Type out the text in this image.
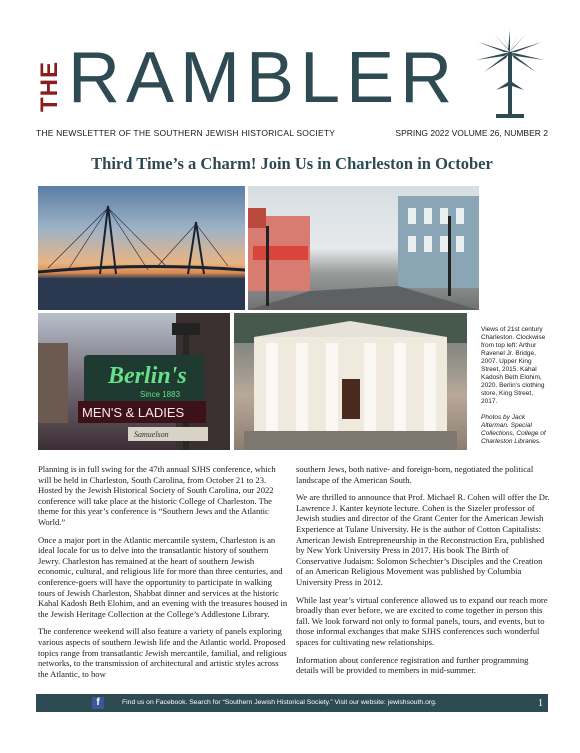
THE RAMBLER
THE NEWSLETTER OF THE SOUTHERN JEWISH HISTORICAL SOCIETY	SPRING 2022 VOLUME 26, NUMBER 2
Third Time’s a Charm! Join Us in Charleston in October
Berlin's
Since 1883
MEN'S & LADIES
Samuelson
Views of 21st century Charleston. Clockwise from top left: Arthur Ravenel Jr. Bridge, 2007. Upper King Street, 2015. Kahal Kadosh Beth Elohim, 2020. Berlin’s clothing store, King Street, 2017.
Photos by Jack Alterman. Special Collections, College of Charleston Libraries.

Planning is in full swing for the 47th annual SJHS conference, which will be held in Charleston, South Carolina, from October 21 to 23. Hosted by the Jewish Historical Society of South Carolina, our 2022 conference will take place at the historic College of Charleston. The theme for this year’s conference is “Southern Jews and the Atlantic World.”

Once a major port in the Atlantic mercantile system, Charleston is an ideal locale for us to delve into the transatlantic history of southern Jewry. Charleston has remained at the heart of southern Jewish economic, cultural, and religious life for more than three centuries, and conference-goers will have the opportunity to participate in walking tours of Jewish Charleston, Shabbat dinner and services at the historic Kahal Kadosh Beth Elohim, and an evening with the treasures housed in the Jewish Heritage Collection at the College’s Addlestone Library.

The conference weekend will also feature a variety of panels exploring various aspects of southern Jewish life and the Atlantic world. Proposed topics range from transatlantic Jewish mercantile, familial, and religious networks, to the transmission of architectural and artistic styles across the Atlantic, to how

southern Jews, both native- and foreign-born, negotiated the political landscape of the American South.

We are thrilled to announce that Prof. Michael R. Cohen will offer the Dr. Lawrence J. Kanter keynote lecture. Cohen is the Sizeler professor of Jewish studies and director of the Grant Center for the American Jewish Experience at Tulane University. He is the author of Cotton Capitalists: American Jewish Entrepreneurship in the Reconstruction Era, published by New York University Press in 2017. His book The Birth of Conservative Judaism: Solomon Schechter’s Disciples and the Creation of an American Religious Movement was published by Columbia University Press in 2012.

While last year’s virtual conference allowed us to expand our reach more broadly than ever before, we are excited to come together in person this fall. We look forward not only to formal panels, tours, and events, but to those informal exchanges that make SJHS conferences such wonderful spaces for cultivating new relationships.

Information about conference registration and further programming details will be provided to members in mid-summer.

f	Find us on Facebook. Search for “Southern Jewish Historical Society.” Visit our website: jewishsouth.org.	1
